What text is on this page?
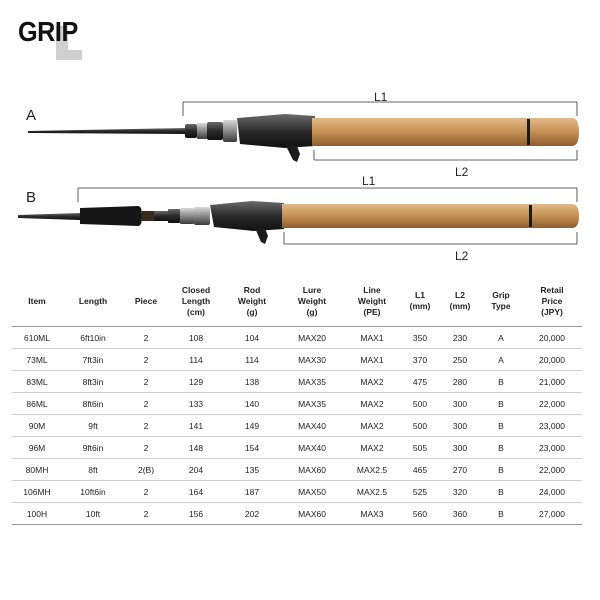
GRIP
A
L1
L2
B
L1
L2
Item	Length	Piece	Closed
Length
(cm)	Rod
Weight
(g)	Lure
Weight
(g)	Line
Weight
(PE)	L1
(mm)	L2
(mm)	Grip
Type	Retail
Price
(JPY)
610ML	6ft10in	2	108	104	MAX20	MAX1	350	230	A	20,000
73ML	7ft3in	2	114	114	MAX30	MAX1	370	250	A	20,000
83ML	8ft3in	2	129	138	MAX35	MAX2	475	280	B	21,000
86ML	8ft6in	2	133	140	MAX35	MAX2	500	300	B	22,000
90M	9ft	2	141	149	MAX40	MAX2	500	300	B	23,000
96M	9ft6in	2	148	154	MAX40	MAX2	505	300	B	23,000
80MH	8ft	2(B)	204	135	MAX60	MAX2.5	465	270	B	22,000
106MH	10ft6in	2	164	187	MAX50	MAX2.5	525	320	B	24,000
100H	10ft	2	156	202	MAX60	MAX3	560	360	B	27,000
